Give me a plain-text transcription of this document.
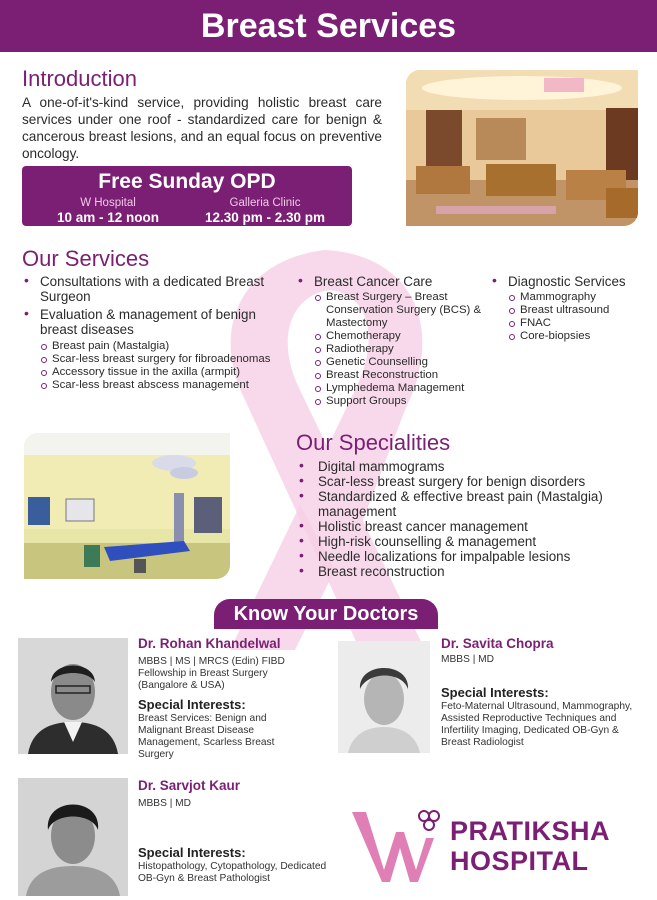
Breast Services
Introduction
A one-of-it's-kind service, providing holistic breast care services under one roof - standardized care for benign & cancerous breast lesions, and an equal focus on preventive oncology.
Free Sunday OPD
W Hospital
10 am - 12 noon
Galleria Clinic
12.30 pm - 2.30 pm
Our Services
• Consultations with a dedicated Breast Surgeon
• Evaluation & management of benign breast diseases
Breast pain (Mastalgia)
Scar-less breast surgery for fibroadenomas
Accessory tissue in the axilla (armpit)
Scar-less breast abscess management
• Breast Cancer Care
Breast Surgery – Breast Conservation Surgery (BCS) & Mastectomy
Chemotherapy
Radiotherapy
Genetic Counselling
Breast Reconstruction
Lymphedema Management
Support Groups
• Diagnostic Services
Mammography
Breast ultrasound
FNAC
Core-biopsies
Our Specialities
• Digital mammograms
• Scar-less breast surgery for benign disorders
• Standardized & effective breast pain (Mastalgia) management
• Holistic breast cancer management
• High-risk counselling & management
• Needle localizations for impalpable lesions
• Breast reconstruction
Know Your Doctors
Dr. Rohan Khandelwal
MBBS | MS | MRCS (Edin) FIBD Fellowship in Breast Surgery (Bangalore & USA)
Special Interests:
Breast Services: Benign and Malignant Breast Disease Management, Scarless Breast Surgery
Dr. Savita Chopra
MBBS | MD
Special Interests:
Feto-Maternal Ultrasound, Mammography, Assisted Reproductive Techniques and Infertility Imaging, Dedicated OB-Gyn & Breast Radiologist
Dr. Sarvjot Kaur
MBBS | MD
Special Interests:
Histopathology, Cytopathology, Dedicated OB-Gyn & Breast Pathologist
PRATIKSHA
HOSPITAL
